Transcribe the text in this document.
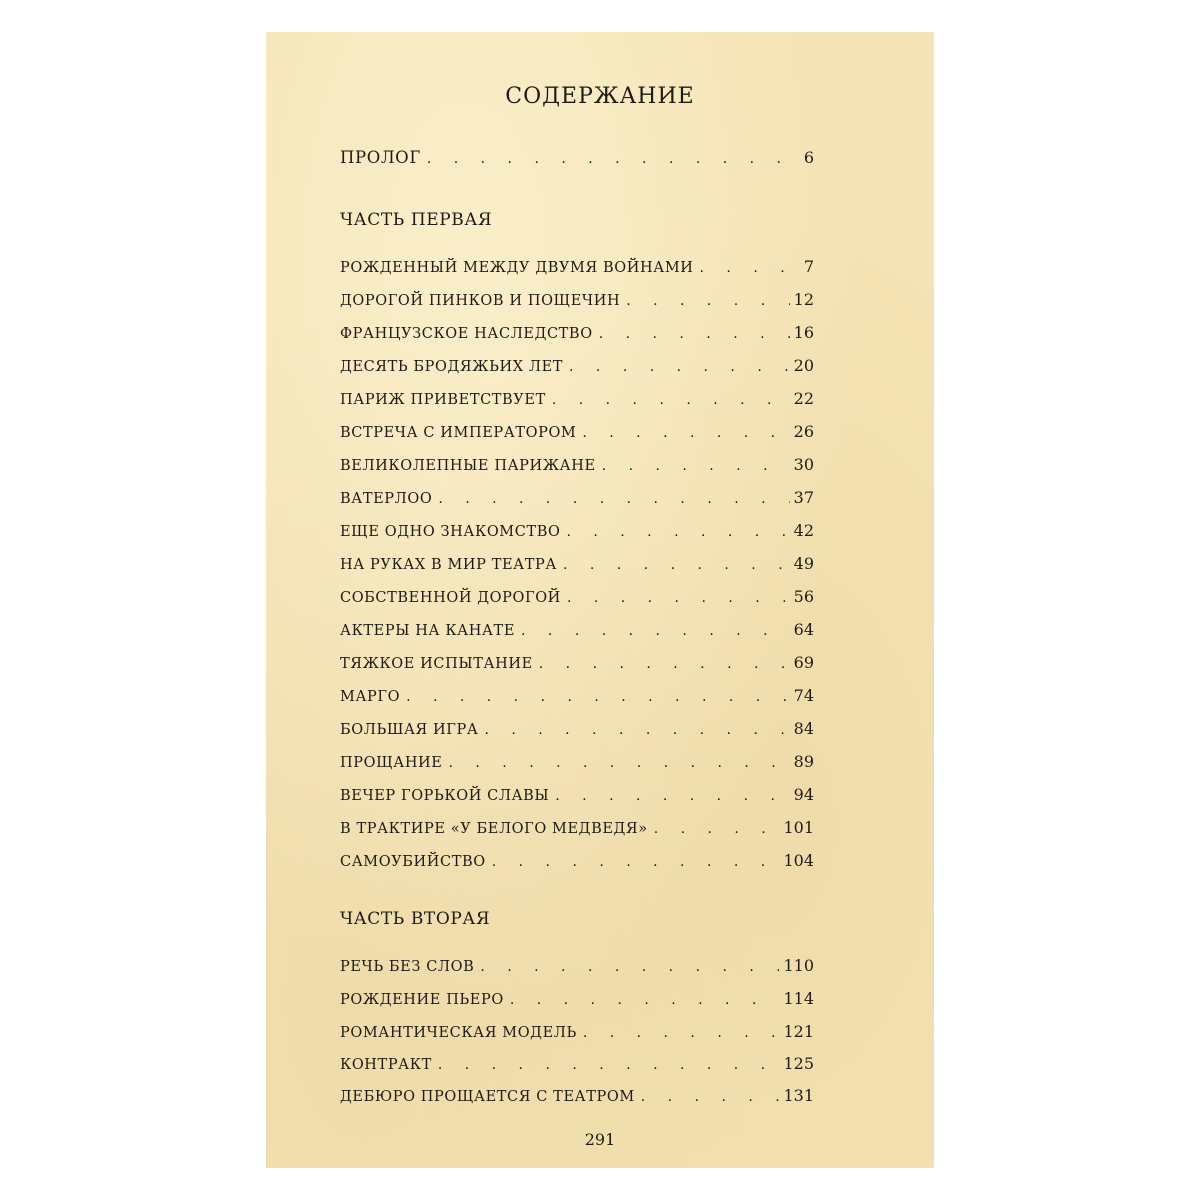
СОДЕРЖАНИЕ
ПРОЛОГ . . .	6
ЧАСТЬ ПЕРВАЯ
РОЖДЕННЫЙ МЕЖДУ ДВУМЯ ВОЙНАМИ . . .	7
ДОРОГОЙ ПИНКОВ И ПОЩЕЧИН . . .	12
ФРАНЦУЗСКОЕ НАСЛЕДСТВО . . .	16
ДЕСЯТЬ БРОДЯЖЬИХ ЛЕТ . . .	20
ПАРИЖ ПРИВЕТСТВУЕТ . . .	22
ВСТРЕЧА С ИМПЕРАТОРОМ . . .	26
ВЕЛИКОЛЕПНЫЕ ПАРИЖАНЕ . . .	30
ВАТЕРЛОО . . .	37
ЕЩЕ ОДНО ЗНАКОМСТВО . . .	42
НА РУКАХ В МИР ТЕАТРА . . .	49
СОБСТВЕННОЙ ДОРОГОЙ . . .	56
АКТЕРЫ НА КАНАТЕ . . .	64
ТЯЖКОЕ ИСПЫТАНИЕ . . .	69
МАРГО . . .	74
БОЛЬШАЯ ИГРА . . .	84
ПРОЩАНИЕ . . .	89
ВЕЧЕР ГОРЬКОЙ СЛАВЫ . . .	94
В ТРАКТИРЕ «У БЕЛОГО МЕДВЕДЯ» . . .	101
САМОУБИЙСТВО . . .	104
ЧАСТЬ ВТОРАЯ
РЕЧЬ БЕЗ СЛОВ . . .	110
РОЖДЕНИЕ ПЬЕРО . . .	114
РОМАНТИЧЕСКАЯ МОДЕЛЬ . . .	121
КОНТРАКТ . . .	125
ДЕБЮРО ПРОЩАЕТСЯ С ТЕАТРОМ . . .	131
291
